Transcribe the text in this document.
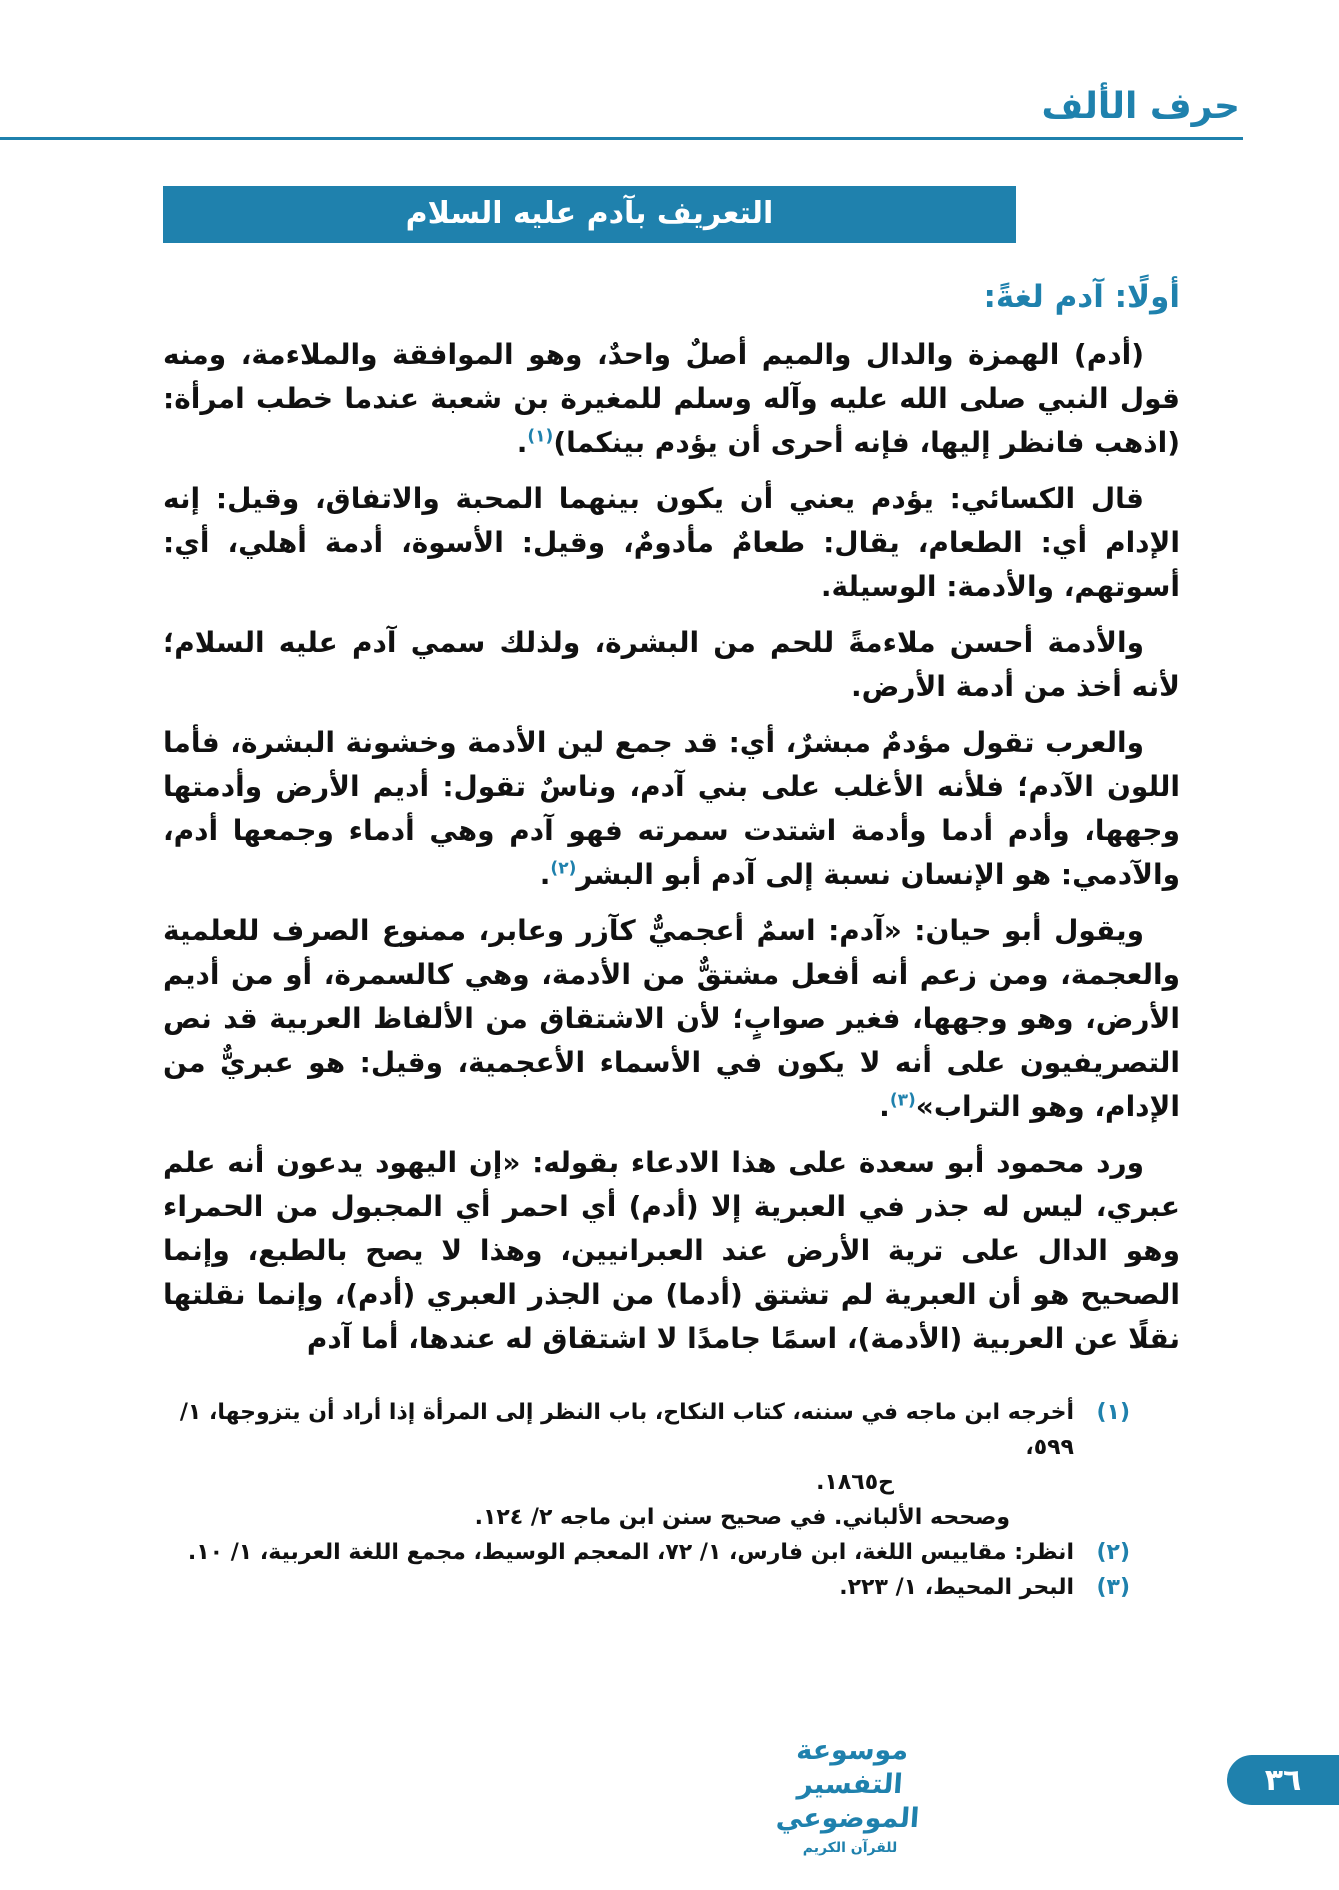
حرف الألف
التعريف بآدم عليه السلام
أولًا: آدم لغةً:

(أدم) الهمزة والدال والميم أصلٌ واحدٌ، وهو الموافقة والملاءمة، ومنه قول النبي صلى الله عليه وآله وسلم للمغيرة بن شعبة عندما خطب امرأة: (اذهب فانظر إليها، فإنه أحرى أن يؤدم بينكما)$^{(١)}$.

قال الكسائي: يؤدم يعني أن يكون بينهما المحبة والاتفاق، وقيل: إنه الإدام أي: الطعام، يقال: طعامٌ مأدومٌ، وقيل: الأسوة، أدمة أهلي، أي: أسوتهم، والأدمة: الوسيلة.

والأدمة أحسن ملاءمةً للحم من البشرة، ولذلك سمي آدم عليه السلام؛ لأنه أخذ من أدمة الأرض.

والعرب تقول مؤدمٌ مبشرٌ، أي: قد جمع لين الأدمة وخشونة البشرة، فأما اللون الآدم؛ فلأنه الأغلب على بني آدم، وناسٌ تقول: أديم الأرض وأدمتها وجهها، وأدم أدما وأدمة اشتدت سمرته فهو آدم وهي أدماء وجمعها أدم، والآدمي: هو الإنسان نسبة إلى آدم أبو البشر$^{(٢)}$.

ويقول أبو حيان: «آدم: اسمٌ أعجميٌّ كآزر وعابر، ممنوع الصرف للعلمية والعجمة، ومن زعم أنه أفعل مشتقٌّ من الأدمة، وهي كالسمرة، أو من أديم الأرض، وهو وجهها، فغير صوابٍ؛ لأن الاشتقاق من الألفاظ العربية قد نص التصريفيون على أنه لا يكون في الأسماء الأعجمية، وقيل: هو عبريٌّ من الإدام، وهو التراب»$^{(٣)}$.

ورد محمود أبو سعدة على هذا الادعاء بقوله: «إن اليهود يدعون أنه علم عبري، ليس له جذر في العبرية إلا (أدم) أي احمر أي المجبول من الحمراء وهو الدال على ترية الأرض عند العبرانيين، وهذا لا يصح بالطبع، وإنما الصحيح هو أن العبرية لم تشتق (أدما) من الجذر العبري (أدم)، وإنما نقلتها نقلًا عن العربية (الأدمة)، اسمًا جامدًا لا اشتقاق له عندها، أما آدم

(١)
أخرجه ابن ماجه في سننه، كتاب النكاح، باب النظر إلى المرأة إذا أراد أن يتزوجها، ١/ ٥٩٩،
ح١٨٦٥.
وصححه الألباني. في صحيح سنن ابن ماجه ٢/ ١٢٤.
(٢)
انظر: مقاييس اللغة، ابن فارس، ١/ ٧٢، المعجم الوسيط، مجمع اللغة العربية، ١/ ١٠.
(٣)
البحر المحيط، ١/ ٢٢٣.
موسوعة التفسير الموضوعي
للقرآن الكريم
٣٦
